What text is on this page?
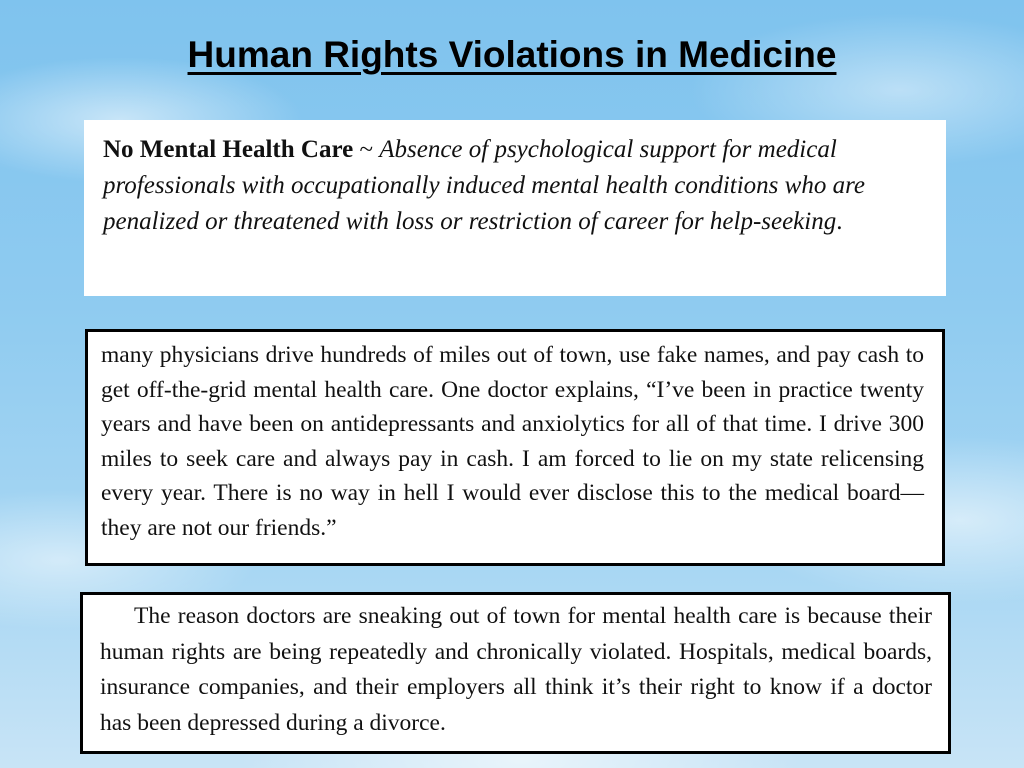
Human Rights Violations in Medicine
No Mental Health Care ~ Absence of psychological support for medical professionals with occupationally induced mental health conditions who are penalized or threatened with loss or restriction of career for help-seeking.
many physicians drive hundreds of miles out of town, use fake names, and pay cash to get off-the-grid mental health care. One doctor explains, “I’ve been in practice twenty years and have been on antidepressants and anxiolytics for all of that time. I drive 300 miles to seek care and always pay in cash. I am forced to lie on my state relicensing every year. There is no way in hell I would ever disclose this to the medical board—they are not our friends.”
The reason doctors are sneaking out of town for mental health care is because their human rights are being repeatedly and chronically violated. Hospitals, medical boards, insurance companies, and their employers all think it’s their right to know if a doctor has been depressed during a divorce.
